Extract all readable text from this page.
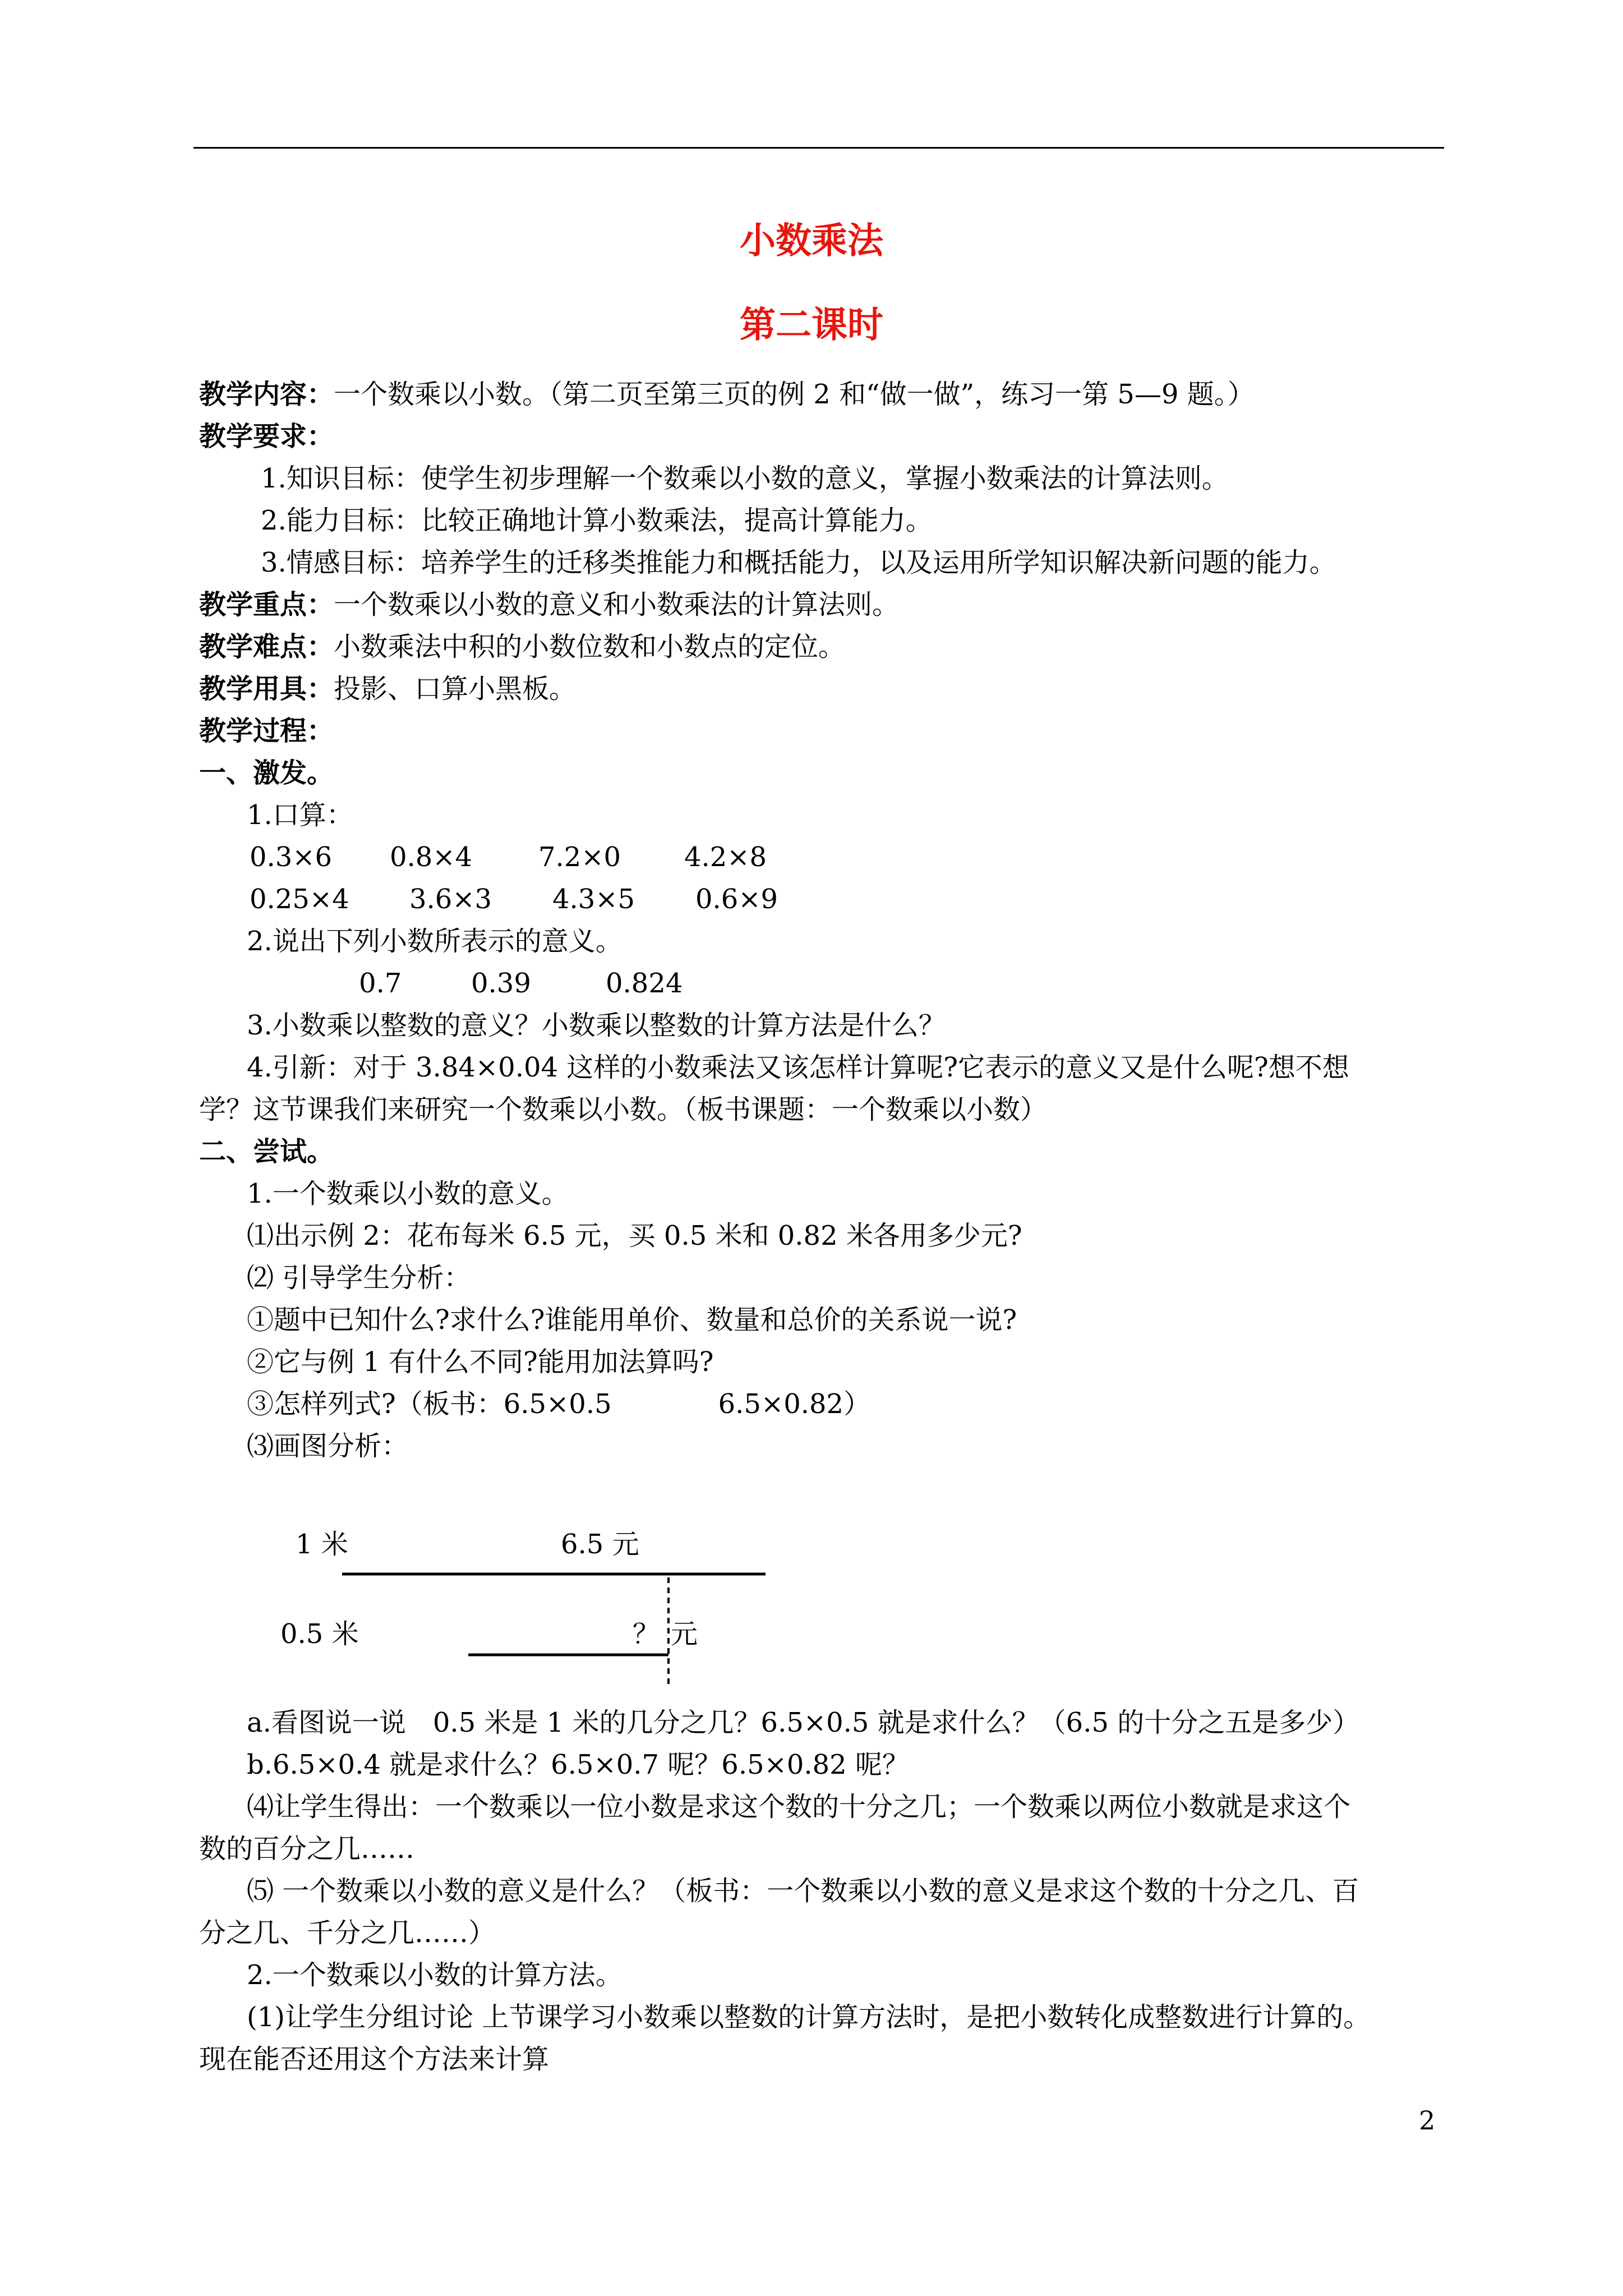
小数乘法
第二课时
教学内容：一个数乘以小数。（第二页至第三页的例 2 和“做一做”，练习一第 5—9 题。）
教学要求：
1.知识目标：使学生初步理解一个数乘以小数的意义，掌握小数乘法的计算法则。
2.能力目标：比较正确地计算小数乘法，提高计算能力。
3.情感目标：培养学生的迁移类推能力和概括能力，以及运用所学知识解决新问题的能力。
教学重点：一个数乘以小数的意义和小数乘法的计算法则。
教学难点：小数乘法中积的小数位数和小数点的定位。
教学用具：投影、口算小黑板。
教学过程：
一、激发。
1.口算：
0.3×6 0.8×4 7.2×0 4.2×8
0.25×4 3.6×3 4.3×5 0.6×9
2.说出下列小数所表示的意义。
0.7	0.39	0.824
3.小数乘以整数的意义？小数乘以整数的计算方法是什么？
4.引新：对于 3.84×0.04 这样的小数乘法又该怎样计算呢?它表示的意义又是什么呢?想不想
学？这节课我们来研究一个数乘以小数。（板书课题：一个数乘以小数）
二、尝试。
1.一个数乘以小数的意义。
⑴出示例 2：花布每米 6.5 元，买 0.5 米和 0.82 米各用多少元?
⑵ 引导学生分析：
①题中已知什么?求什么?谁能用单价、数量和总价的关系说一说?
②它与例 1 有什么不同?能用加法算吗?
③怎样列式?（板书：6.5×0.5	6.5×0.82）
⑶画图分析：
1 米	6.5 元
0.5 米	？ 元
a.看图说一说　0.5 米是 1 米的几分之几？6.5×0.5 就是求什么？（6.5 的十分之五是多少）
b.6.5×0.4 就是求什么？6.5×0.7 呢？6.5×0.82 呢？
⑷让学生得出：一个数乘以一位小数是求这个数的十分之几；一个数乘以两位小数就是求这个
数的百分之几……
⑸ 一个数乘以小数的意义是什么？（板书：一个数乘以小数的意义是求这个数的十分之几、百
分之几、千分之几……）
2.一个数乘以小数的计算方法。
(1)让学生分组讨论 上节课学习小数乘以整数的计算方法时，是把小数转化成整数进行计算的。
现在能否还用这个方法来计算
2
